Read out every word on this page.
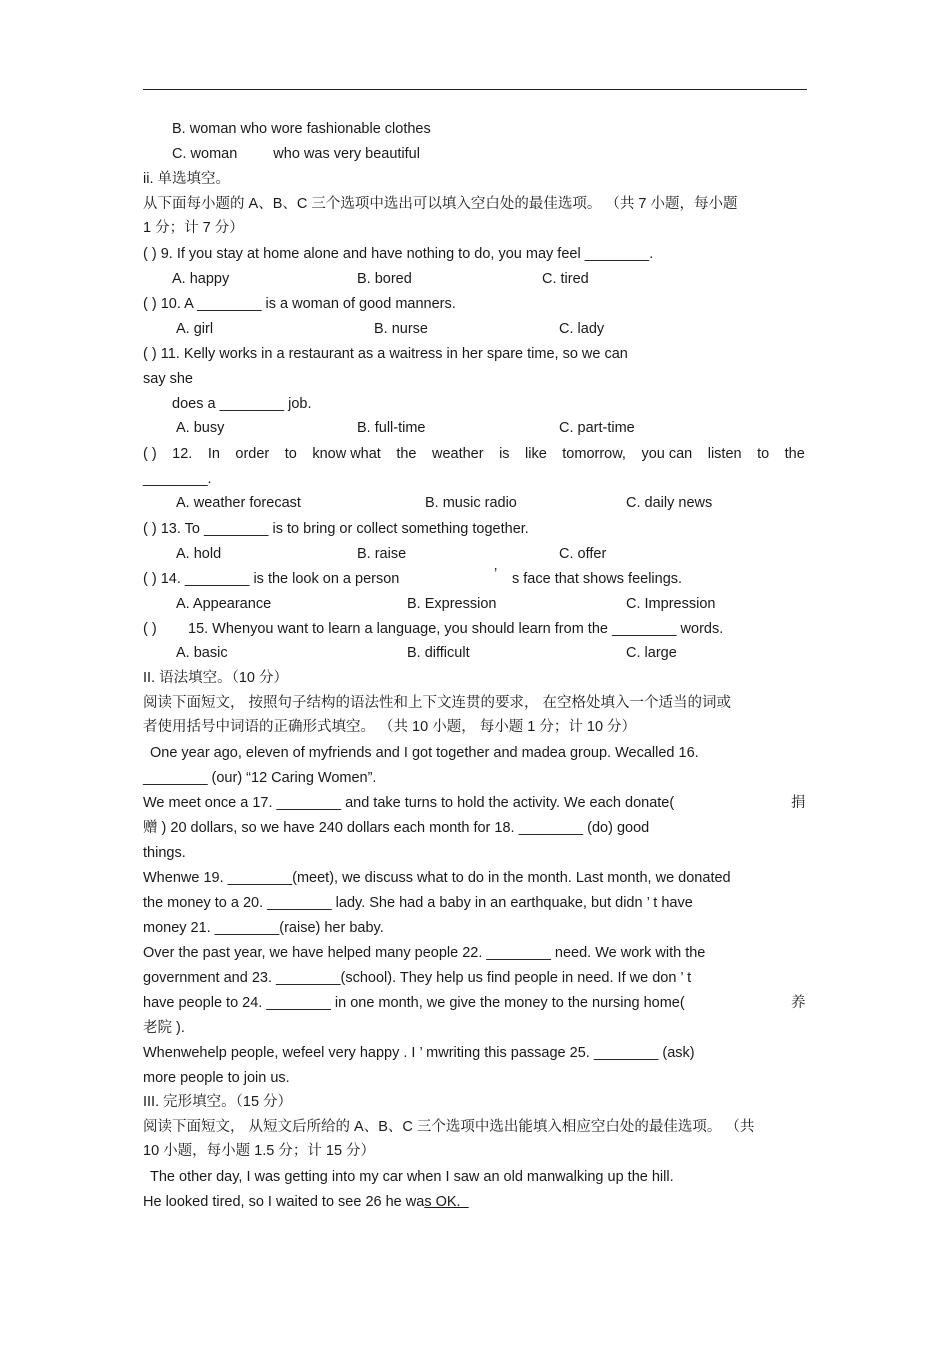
B. woman who wore fashionable clothes
C. woman who was very beautiful
ii. 单选填空。
从下面每小题的 A、B、C 三个选项中选出可以填入空白处的最佳选项。 （共 7 小题，每小题
1 分；计 7 分）
( ) 9. If you stay at home alone and have nothing to do, you may feel ________.
A. happy	B. bored	C. tired
( ) 10. A ________ is a woman of good manners.
A. girl	B. nurse	C. lady
( ) 11. Kelly works in a restaurant as a waitress in her spare time, so we can
say she
does a ________ job.
A. busy	B. full-time	C. part-time
( ) 12. In order to know what the weather is like tomorrow, you can listen to the
________.
A. weather forecast	B. music radio	C. daily news
( ) 13. To ________ is to bring or collect something together.
A. hold	B. raise	C. offer
( ) 14. ________ is the look on a person	’ s face that shows feelings.
A. Appearance	B. Expression	C. Impression
( ) 15. Whenyou want to learn a language, you should learn from the ________ words.
A. basic	B. difficult	C. large
II. 语法填空。（10 分）
阅读下面短文， 按照句子结构的语法性和上下文连贯的要求， 在空格处填入一个适当的词或
者使用括号中词语的正确形式填空。 （共 10 小题， 每小题 1 分；计 10 分）
One year ago, eleven of myfriends and I got together and madea group. Wecalled 16.
________ (our) “12 Caring Women”.
We meet once a 17. ________ and take turns to hold the activity. We each donate(	捐
赠 ) 20 dollars, so we have 240 dollars each month for 18. ________ (do) good
things.
Whenwe 19. ________(meet), we discuss what to do in the month. Last month, we donated
the money to a 20. ________ lady. She had a baby in an earthquake, but didn ’ t have
money 21. ________(raise) her baby.
Over the past year, we have helped many people 22. ________ need. We work with the
government and 23. ________(school). They help us find people in need. If we don ’ t
have people to 24. ________ in one month, we give the money to the nursing home(	养
老院 ).
Whenwehelp people, wefeel very happy . I ’ mwriting this passage 25. ________ (ask)
more people to join us.
III. 完形填空。（15 分）
阅读下面短文， 从短文后所给的 A、B、C 三个选项中选出能填入相应空白处的最佳选项。 （共
10 小题，每小题 1.5 分；计 15 分）
The other day, I was getting into my car when I saw an old manwalking up the hill.
He looked tired, so I waited to see 26 he was OK.
